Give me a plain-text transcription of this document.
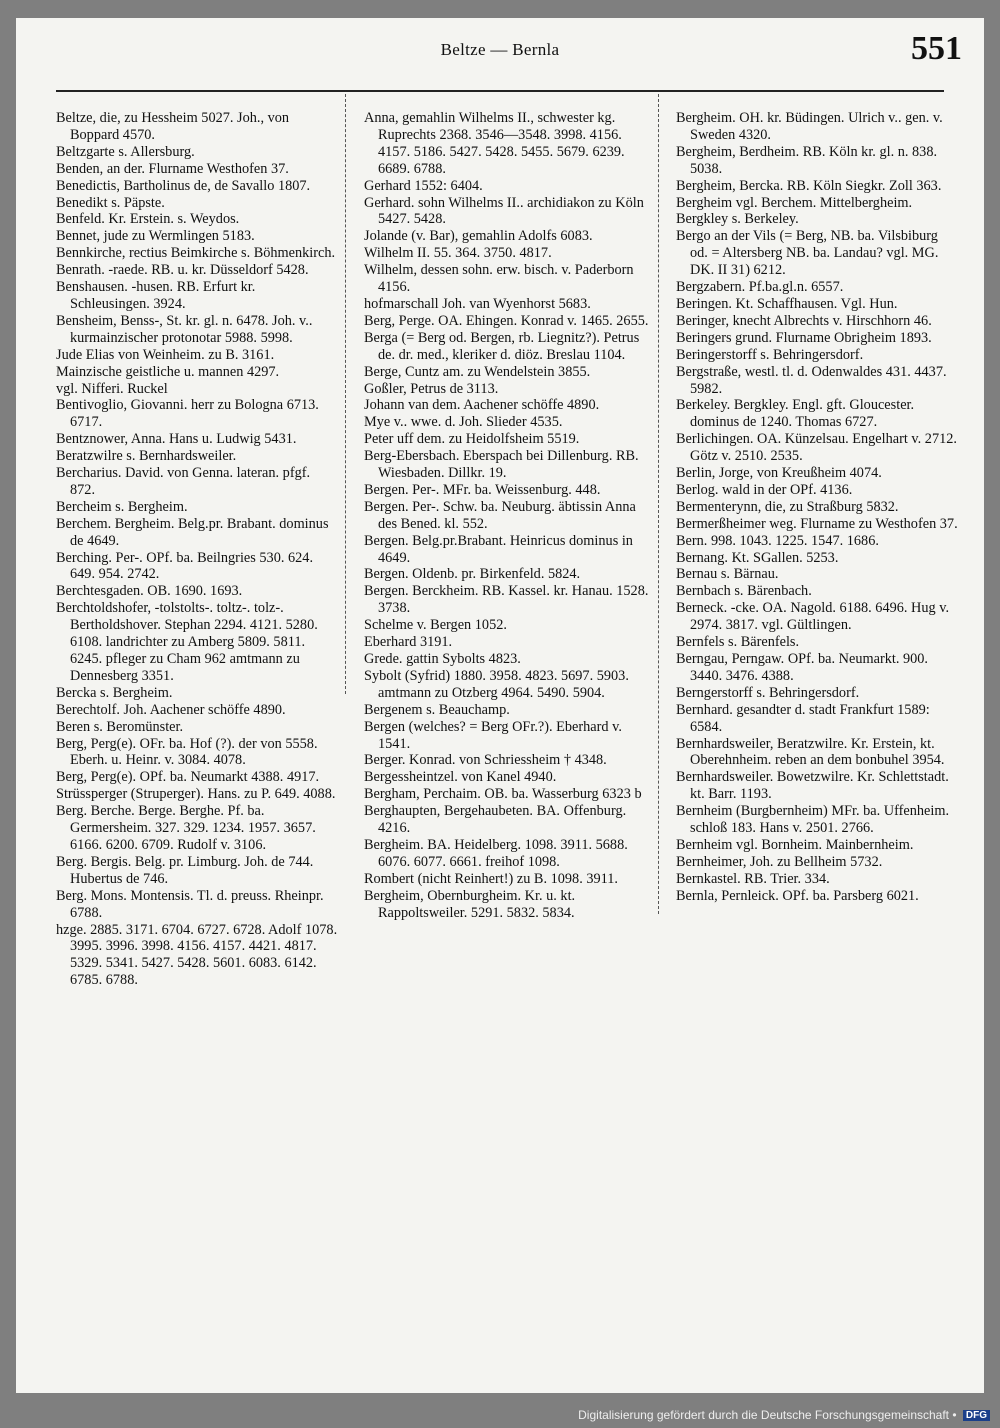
Beltze — Bernla	551

Beltze, die, zu Hessheim 5027. Joh., von Boppard 4570.

Beltzgarte s. Allersburg.

Benden, an der. Flurname Westhofen 37.

Benedictis, Bartholinus de, de Savallo 1807.

Benedikt s. Päpste.

Benfeld. Kr. Erstein. s. Weydos.

Bennet, jude zu Wermlingen 5183.

Bennkirche, rectius Beimkirche s. Böhmenkirch.

Benrath. -raede. RB. u. kr. Düsseldorf 5428.

Benshausen. -husen. RB. Erfurt kr. Schleusingen. 3924.

Bensheim, Benss-, St. kr. gl. n. 6478. Joh. v.. kurmainzischer protonotar 5988. 5998.

Jude Elias von Weinheim. zu B. 3161.

Mainzische geistliche u. mannen 4297.

vgl. Nifferi. Ruckel

Bentivoglio, Giovanni. herr zu Bologna 6713. 6717.

Bentznower, Anna. Hans u. Ludwig 5431.

Beratzwilre s. Bernhardsweiler.

Bercharius. David. von Genna. lateran. pfgf. 872.

Bercheim s. Bergheim.

Berchem. Bergheim. Belg.pr. Brabant. dominus de 4649.

Berching. Per-. OPf. ba. Beilngries 530. 624. 649. 954. 2742.

Berchtesgaden. OB. 1690. 1693.

Berchtoldshofer, -tolstolts-. toltz-. tolz-. Bertholdshover. Stephan 2294. 4121. 5280. 6108. landrichter zu Amberg 5809. 5811. 6245. pfleger zu Cham 962 amtmann zu Dennesberg 3351.

Bercka s. Bergheim.

Berechtolf. Joh. Aachener schöffe 4890.

Beren s. Beromünster.

Berg, Perg(e). OFr. ba. Hof (?). der von 5558. Eberh. u. Heinr. v. 3084. 4078.

Berg, Perg(e). OPf. ba. Neumarkt 4388. 4917.

Strüssperger (Struperger). Hans. zu P. 649. 4088.

Berg. Berche. Berge. Berghe. Pf. ba. Germersheim. 327. 329. 1234. 1957. 3657. 6166. 6200. 6709. Rudolf v. 3106.

Berg. Bergis. Belg. pr. Limburg. Joh. de 744. Hubertus de 746.

Berg. Mons. Montensis. Tl. d. preuss. Rheinpr. 6788.

hzge. 2885. 3171. 6704. 6727. 6728. Adolf 1078. 3995. 3996. 3998. 4156. 4157. 4421. 4817. 5329. 5341. 5427. 5428. 5601. 6083. 6142. 6785. 6788.

Anna, gemahlin Wilhelms II., schwester kg. Ruprechts 2368. 3546—3548. 3998. 4156. 4157. 5186. 5427. 5428. 5455. 5679. 6239. 6689. 6788.

Gerhard 1552: 6404.

Gerhard. sohn Wilhelms II.. archidiakon zu Köln 5427. 5428.

Jolande (v. Bar), gemahlin Adolfs 6083.

Wilhelm II. 55. 364. 3750. 4817.

Wilhelm, dessen sohn. erw. bisch. v. Paderborn 4156.

hofmarschall Joh. van Wyenhorst 5683.

Berg, Perge. OA. Ehingen. Konrad v. 1465. 2655.

Berga (= Berg od. Bergen, rb. Liegnitz?). Petrus de. dr. med., kleriker d. diöz. Breslau 1104.

Berge, Cuntz am. zu Wendelstein 3855.

Goßler, Petrus de 3113.

Johann van dem. Aachener schöffe 4890.

Mye v.. wwe. d. Joh. Slieder 4535.

Peter uff dem. zu Heidolfsheim 5519.

Berg-Ebersbach. Eberspach bei Dillenburg. RB. Wiesbaden. Dillkr. 19.

Bergen. Per-. MFr. ba. Weissenburg. 448.

Bergen. Per-. Schw. ba. Neuburg. äbtissin Anna des Bened. kl. 552.

Bergen. Belg.pr.Brabant. Heinricus dominus in 4649.

Bergen. Oldenb. pr. Birkenfeld. 5824.

Bergen. Berckheim. RB. Kassel. kr. Hanau. 1528. 3738.

Schelme v. Bergen 1052.

Eberhard 3191.

Grede. gattin Sybolts 4823.

Sybolt (Syfrid) 1880. 3958. 4823. 5697. 5903. amtmann zu Otzberg 4964. 5490. 5904.

Bergenem s. Beauchamp.

Bergen (welches? = Berg OFr.?). Eberhard v. 1541.

Berger. Konrad. von Schriessheim † 4348.

Bergessheintzel. von Kanel 4940.

Bergham, Perchaim. OB. ba. Wasserburg 6323 b

Berghaupten, Bergehaubeten. BA. Offenburg. 4216.

Bergheim. BA. Heidelberg. 1098. 3911. 5688. 6076. 6077. 6661. freihof 1098.

Rombert (nicht Reinhert!) zu B. 1098. 3911.

Bergheim, Obernburgheim. Kr. u. kt. Rappoltsweiler. 5291. 5832. 5834.

Bergheim. OH. kr. Büdingen. Ulrich v.. gen. v. Sweden 4320.

Bergheim, Berdheim. RB. Köln kr. gl. n. 838. 5038.

Bergheim, Bercka. RB. Köln Siegkr. Zoll 363.

Bergheim vgl. Berchem. Mittelbergheim.

Bergkley s. Berkeley.

Bergo an der Vils (= Berg, NB. ba. Vilsbiburg od. = Altersberg NB. ba. Landau? vgl. MG. DK. II 31) 6212.

Bergzabern. Pf.ba.gl.n. 6557.

Beringen. Kt. Schaffhausen. Vgl. Hun.

Beringer, knecht Albrechts v. Hirschhorn 46.

Beringers grund. Flurname Obrigheim 1893.

Beringerstorff s. Behringersdorf.

Bergstraße, westl. tl. d. Odenwaldes 431. 4437. 5982.

Berkeley. Bergkley. Engl. gft. Gloucester. dominus de 1240. Thomas 6727.

Berlichingen. OA. Künzelsau. Engelhart v. 2712. Götz v. 2510. 2535.

Berlin, Jorge, von Kreußheim 4074.

Berlog. wald in der OPf. 4136.

Bermenterynn, die, zu Straßburg 5832.

Bermerßheimer weg. Flurname zu Westhofen 37.

Bern. 998. 1043. 1225. 1547. 1686.

Bernang. Kt. SGallen. 5253.

Bernau s. Bärnau.

Bernbach s. Bärenbach.

Berneck. -cke. OA. Nagold. 6188. 6496. Hug v. 2974. 3817. vgl. Gültlingen.

Bernfels s. Bärenfels.

Berngau, Perngaw. OPf. ba. Neumarkt. 900. 3440. 3476. 4388.

Berngerstorff s. Behringersdorf.

Bernhard. gesandter d. stadt Frankfurt 1589: 6584.

Bernhardsweiler, Beratzwilre. Kr. Erstein, kt. Oberehnheim. reben an dem bonbuhel 3954.

Bernhardsweiler. Bowetzwilre. Kr. Schlettstadt. kt. Barr. 1193.

Bernheim (Burgbernheim) MFr. ba. Uffenheim. schloß 183. Hans v. 2501. 2766.

Bernheim vgl. Bornheim. Mainbernheim.

Bernheimer, Joh. zu Bellheim 5732.

Bernkastel. RB. Trier. 334.

Bernla, Pernleick. OPf. ba. Parsberg 6021.

Digitalisierung gefördert durch die Deutsche Forschungsgemeinschaft • DFG
